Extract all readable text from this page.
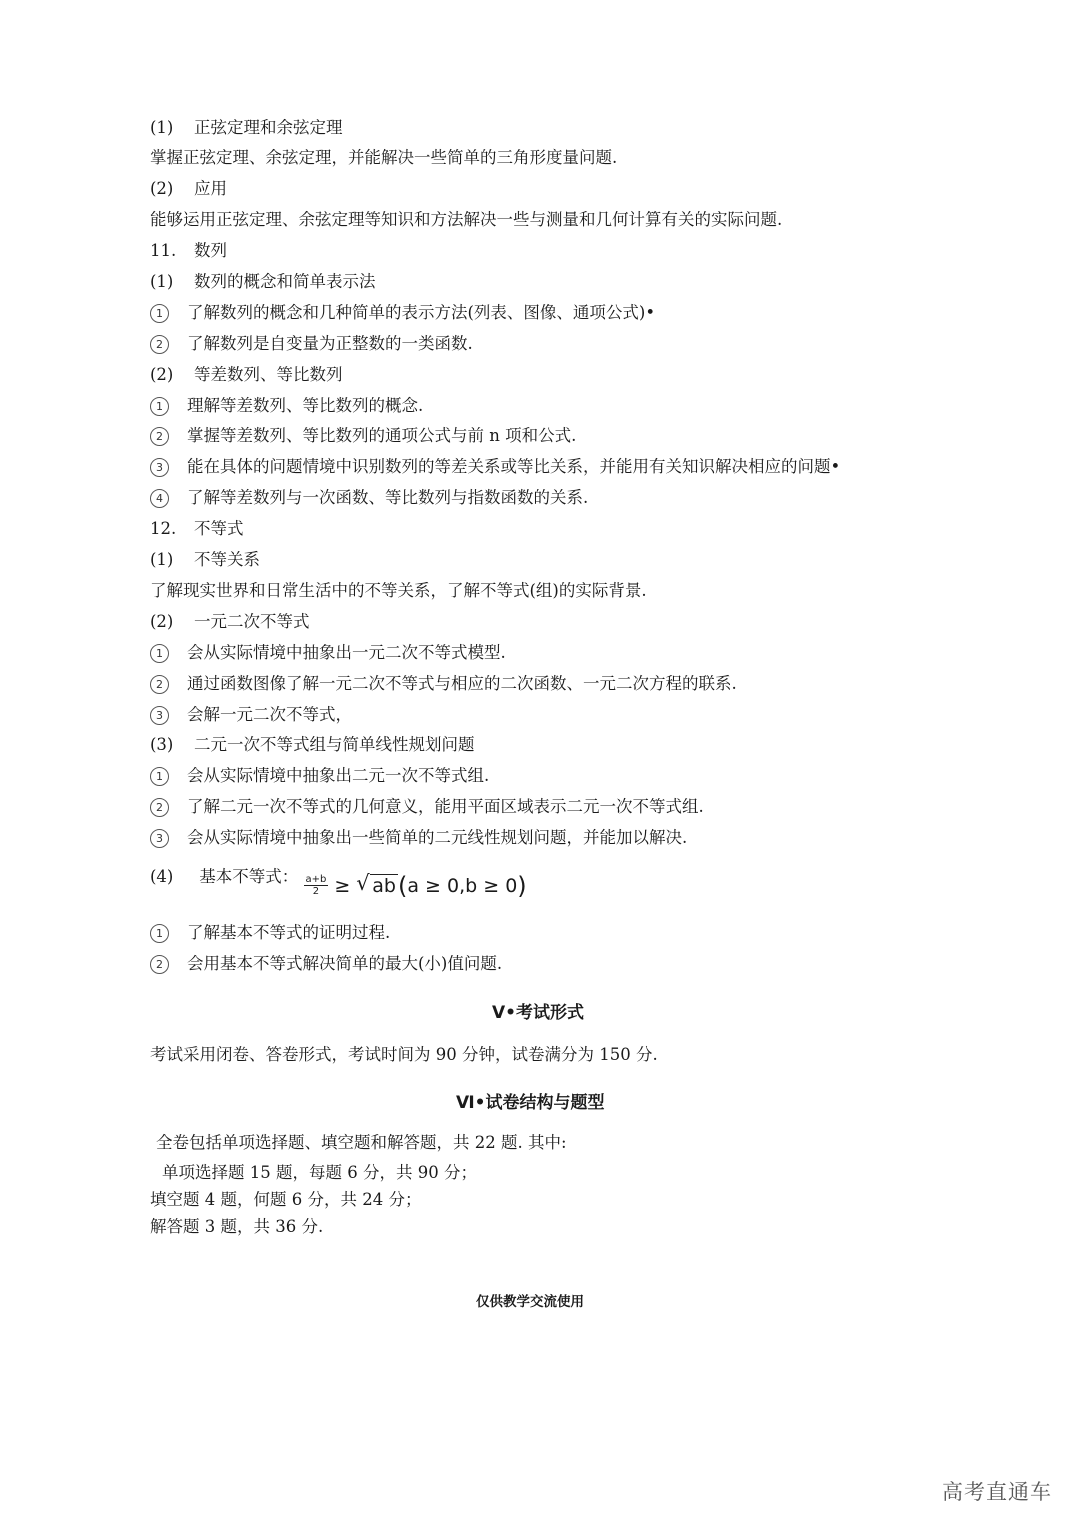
(1) 正弦定理和余弦定理
掌握正弦定理、余弦定理，并能解决一些简单的三角形度量问题.
(2) 应用
能够运用正弦定理、余弦定理等知识和方法解决一些与测量和几何计算有关的实际问题.
11. 数列
(1) 数列的概念和简单表示法
1 了解数列的概念和几种简单的表示方法(列表、图像、通项公式)•
2 了解数列是自变量为正整数的一类函数.
(2) 等差数列、等比数列
1 理解等差数列、等比数列的概念.
2 掌握等差数列、等比数列的通项公式与前 n 项和公式.
3 能在具体的问题情境中识别数列的等差关系或等比关系，并能用有关知识解决相应的问题•
4 了解等差数列与一次函数、等比数列与指数函数的关系.
12. 不等式
(1) 不等关系
了解现实世界和日常生活中的不等关系，了解不等式(组)的实际背景.
(2) 一元二次不等式
1 会从实际情境中抽象出一元二次不等式模型.
2 通过函数图像了解一元二次不等式与相应的二次函数、一元二次方程的联系.
3 会解一元二次不等式，
(3) 二元一次不等式组与简单线性规划问题
1 会从实际情境中抽象出二元一次不等式组.
2 了解二元一次不等式的几何意义，能用平面区域表示二元一次不等式组.
3 会从实际情境中抽象出一些简单的二元线性规划问题，并能加以解决.
1 了解基本不等式的证明过程.
2 会用基本不等式解决简单的最大(小)值问题.
考试采用闭卷、答卷形式，考试时间为 90 分钟，试卷满分为 150 分.
全卷包括单项选择题、填空题和解答题，共 22 题. 其中:
单项选择题 15 题，每题 6 分，共 90 分；
填空题 4 题，何题 6 分，共 24 分；
解答题 3 题，共 36 分.
(4) 基本不等式： $\frac{a+b}{2}$ ≥
√	ab ( a ≥ 0,b ≥ 0 )
Ⅴ•考试形式
Ⅵ•试卷结构与题型
仅供教学交流使用
高考直通车
